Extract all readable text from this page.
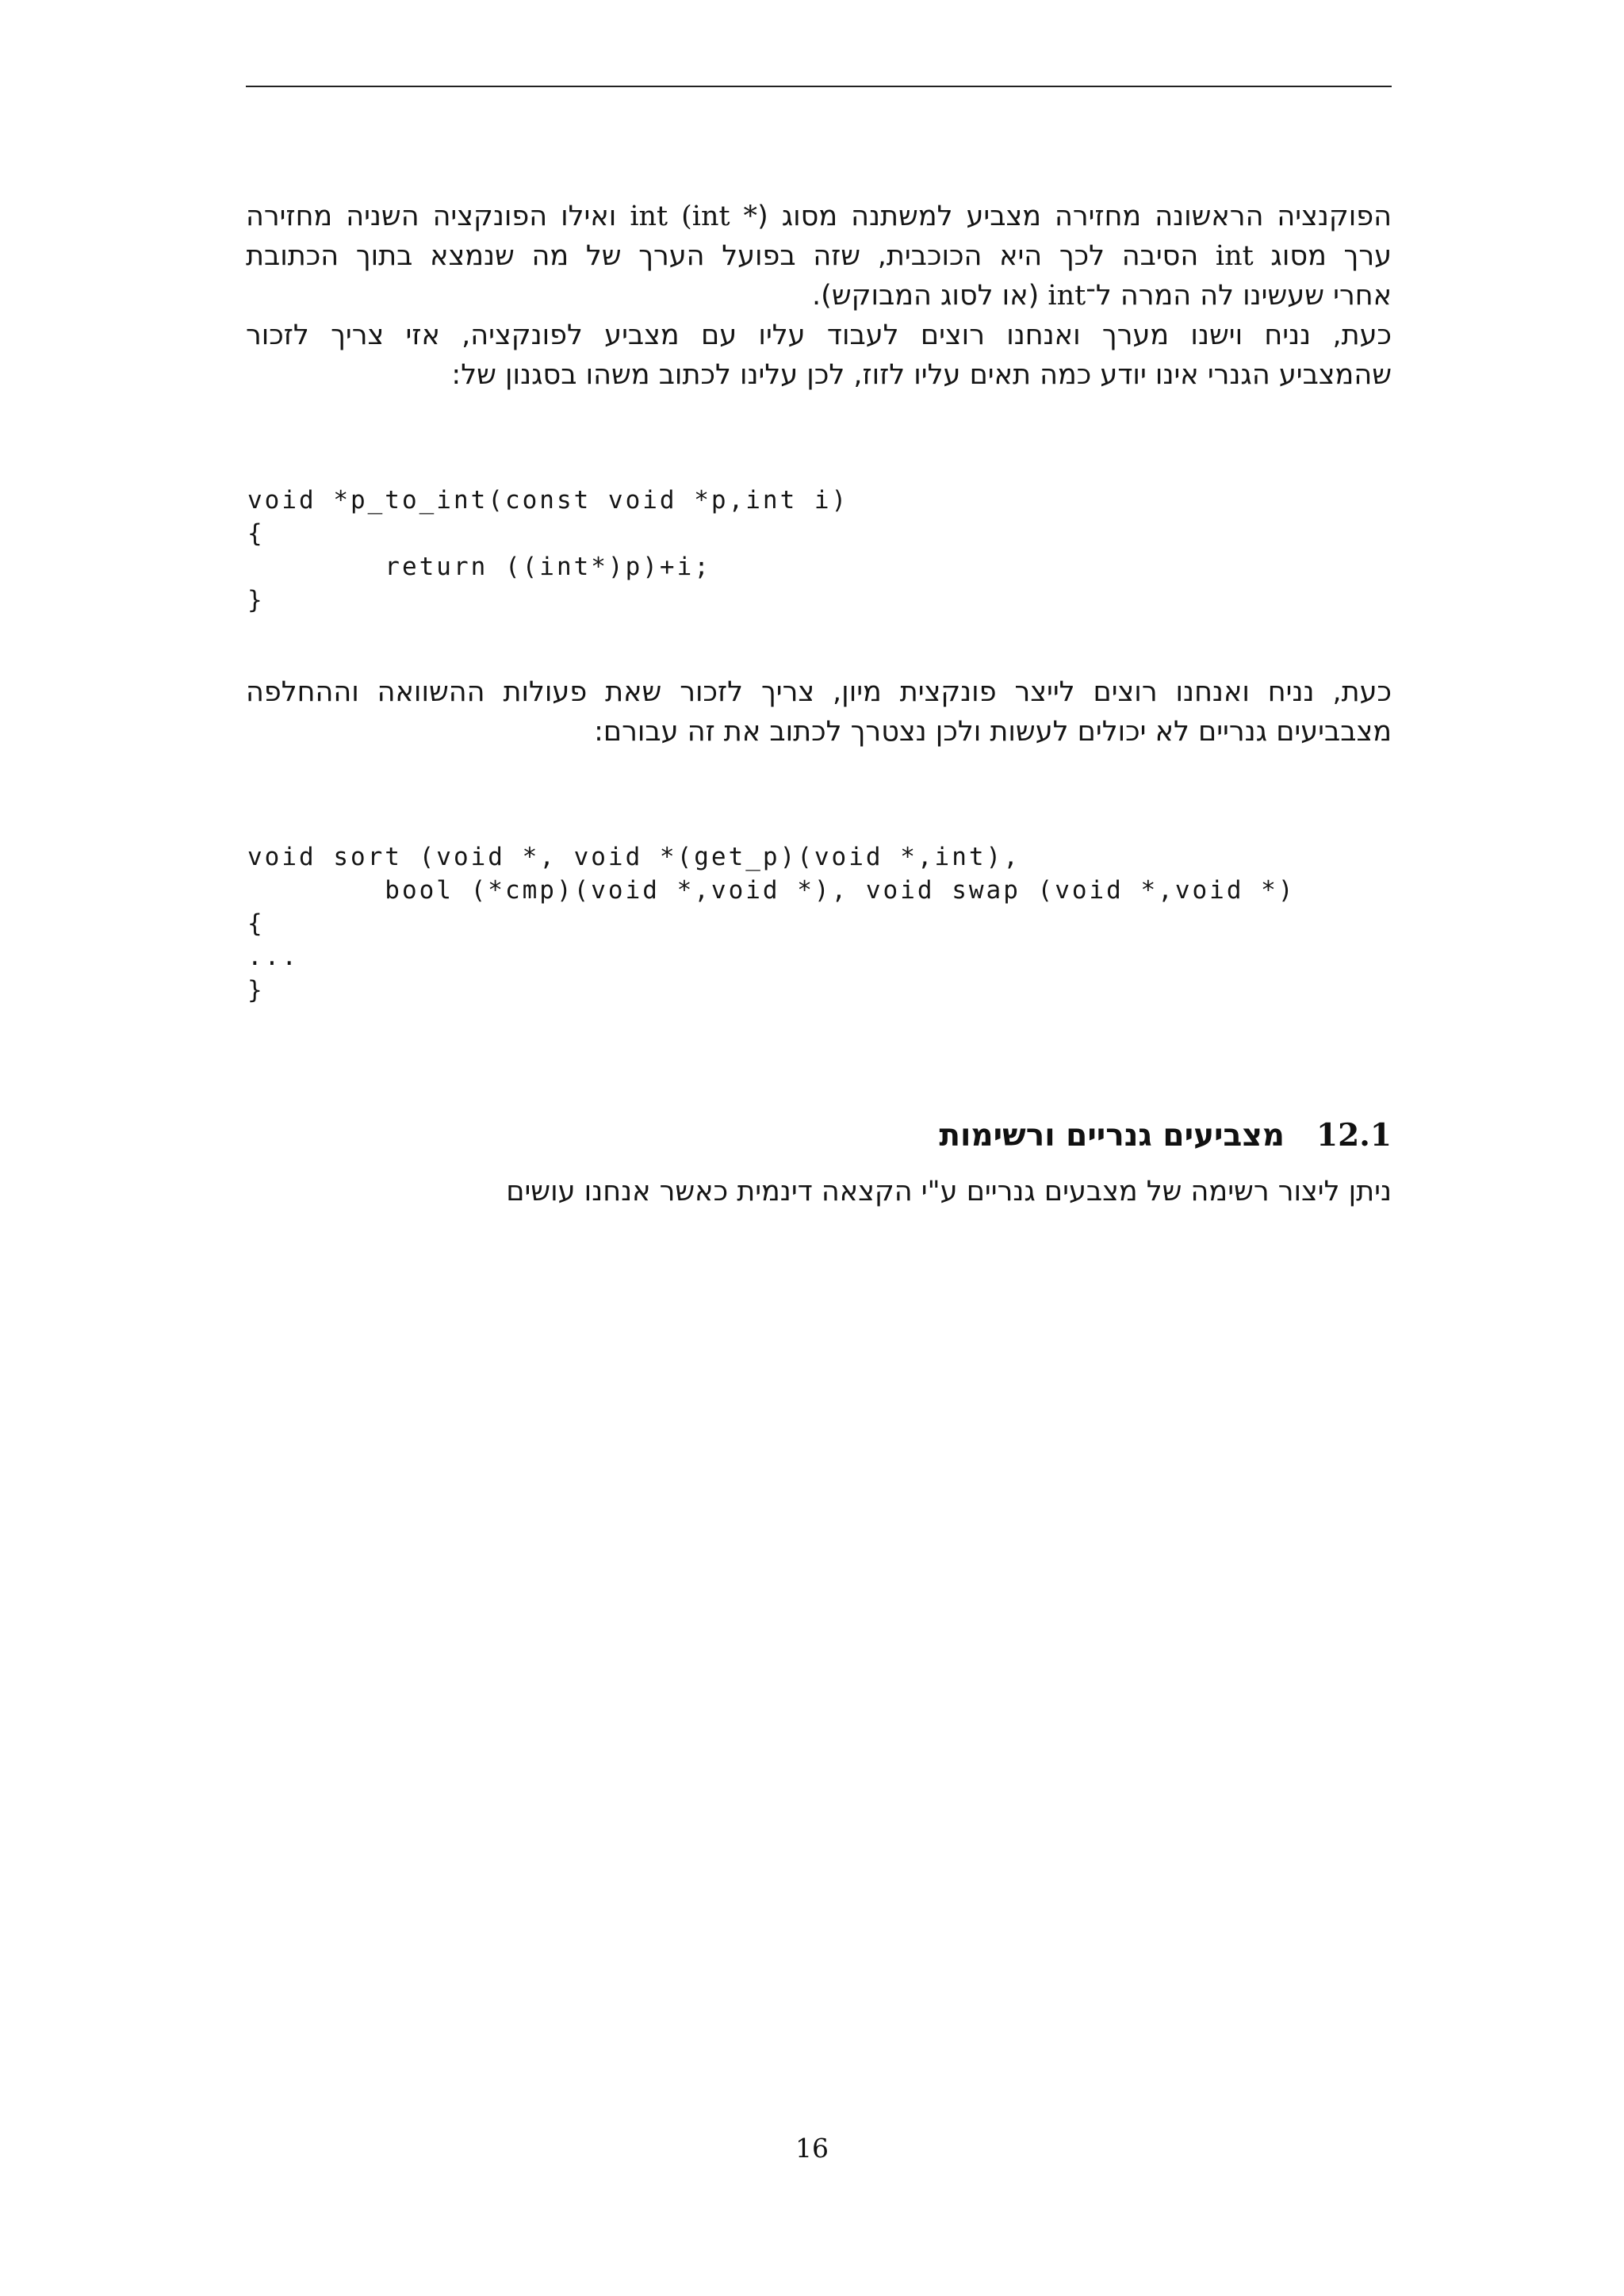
הפוקנציה הראשונה מחזירה מצביע למשתנה מסוג (int (int * ואילו הפונקציה השניה מחזירה

ערך מסוג int הסיבה לכך היא הכוכבית, שזה בפועל הערך של מה שנמצא בתוך הכתובת

אחרי שעשינו לה המרה ל־int (או לסוג המבוקש).

כעת, נניח וישנו מערך ואנחנו רוצים לעבוד עליו עם מצביע לפונקציה, אזי צריך לזכור

שהמצביע הגנרי אינו יודע כמה תאים עליו לזוז, לכן עלינו לכתוב משהו בסגנון של:

void *p_to_int(const void *p,int i)
{
return ((int*)p)+i;
}

כעת, נניח ואנחנו רוצים לייצר פונקצית מיון, צריך לזכור שאת פעולות ההשוואה וההחלפה

מצבביעים גנריים לא יכולים לעשות ולכן נצטרך לכתוב את זה עבורם:

void sort (void *, void *(get_p)(void *,int),
bool (*cmp)(void *,void *), void swap (void *,void *)
{
...
}
12.1מצביעים גנריים ורשימות

ניתן ליצור רשימה של מצבעים גנריים ע"י הקצאה דינמית כאשר אנחנו עושים

16
